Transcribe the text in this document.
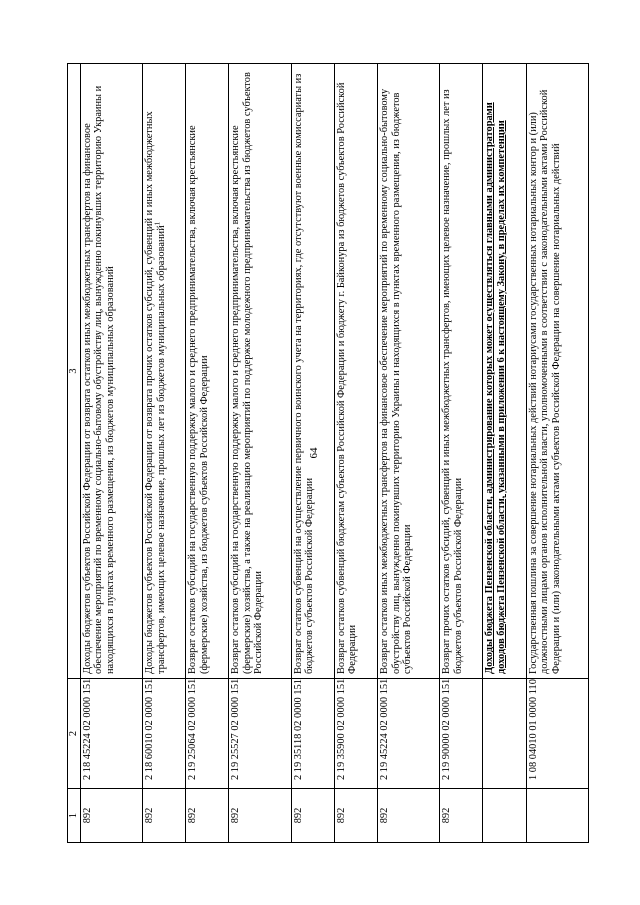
64
1	2	3
892	2 18 45224 02 0000 151	Доходы бюджетов субъектов Российской Федерации от возврата остатков иных межбюджетных трансфертов на финансовое обеспечение мероприятий по временному социально-бытовому обустройству лиц, вынужденно покинувших территорию Украины и находящихся в пунктах временного размещения, из бюджетов муниципальных образований
892	2 18 60010 02 0000 151	Доходы бюджетов субъектов Российской Федерации от возврата прочих остатков субсидий, субвенций и иных межбюджетных трансфертов, имеющих целевое назначение, прошлых лет из бюджетов муниципальных образований$^1$
892	2 19 25064 02 0000 151	Возврат остатков субсидий на государственную поддержку малого и среднего предпринимательства, включая крестьянские (фермерские) хозяйства, из бюджетов субъектов Российской Федерации
892	2 19 25527 02 0000 151	Возврат остатков субсидий на государственную поддержку малого и среднего предпринимательства, включая крестьянские (фермерские) хозяйства, а также на реализацию мероприятий по поддержке молодежного предпринимательства из бюджетов субъектов Российской Федерации
892	2 19 35118 02 0000 151	Возврат остатков субвенций на осуществление первичного воинского учета на территориях, где отсутствуют военные комиссариаты из бюджетов субъектов Российской Федерации
892	2 19 35900 02 0000 151	Возврат остатков субвенций бюджетам субъектов Российской Федерации и бюджету г. Байконура из бюджетов субъектов Российской Федерации
892	2 19 45224 02 0000 151	Возврат остатков иных межбюджетных трансфертов на финансовое обеспечение мероприятий по временному социально-бытовому обустройству лиц, вынужденно покинувших территорию Украины и находящихся в пунктах временного размещения, из бюджетов субъектов Российской Федерации
892	2 19 90000 02 0000 151	Возврат прочих остатков субсидий, субвенций и иных межбюджетных трансфертов, имеющих целевое назначение, прошлых лет из бюджетов субъектов Российской Федерации
		Доходы бюджета Пензенской области, администрирование которых может осуществляться главными администраторами доходов бюджета Пензенской области, указанными в приложении 6 к настоящему Закону, в пределах их компетенции
	1 08 04010 01 0000 110	Государственная пошлина за совершение нотариальных действий нотариусами государственных нотариальных контор и (или) должностными лицами органов исполнительной власти, уполномоченными в соответствии с законодательными актами Российской Федерации и (или) законодательными актами субъектов Российской Федерации на совершение нотариальных действий
